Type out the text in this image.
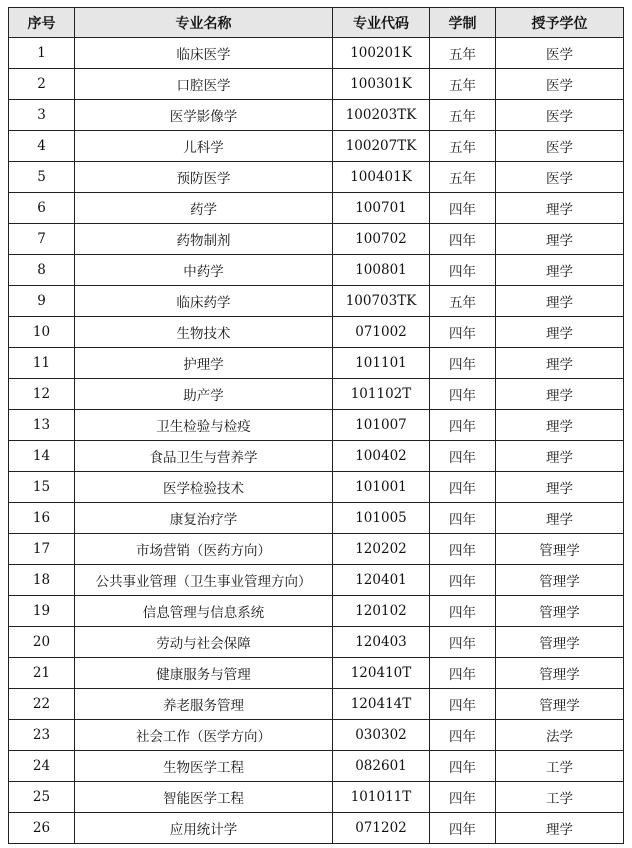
序号	专业名称	专业代码	学制	授予学位
1	临床医学	100201K	五年	医学
2	口腔医学	100301K	五年	医学
3	医学影像学	100203TK	五年	医学
4	儿科学	100207TK	五年	医学
5	预防医学	100401K	五年	医学
6	药学	100701	四年	理学
7	药物制剂	100702	四年	理学
8	中药学	100801	四年	理学
9	临床药学	100703TK	五年	理学
10	生物技术	071002	四年	理学
11	护理学	101101	四年	理学
12	助产学	101102T	四年	理学
13	卫生检验与检疫	101007	四年	理学
14	食品卫生与营养学	100402	四年	理学
15	医学检验技术	101001	四年	理学
16	康复治疗学	101005	四年	理学
17	市场营销（医药方向）	120202	四年	管理学
18	公共事业管理（卫生事业管理方向）	120401	四年	管理学
19	信息管理与信息系统	120102	四年	管理学
20	劳动与社会保障	120403	四年	管理学
21	健康服务与管理	120410T	四年	管理学
22	养老服务管理	120414T	四年	管理学
23	社会工作（医学方向）	030302	四年	法学
24	生物医学工程	082601	四年	工学
25	智能医学工程	101011T	四年	工学
26	应用统计学	071202	四年	理学
